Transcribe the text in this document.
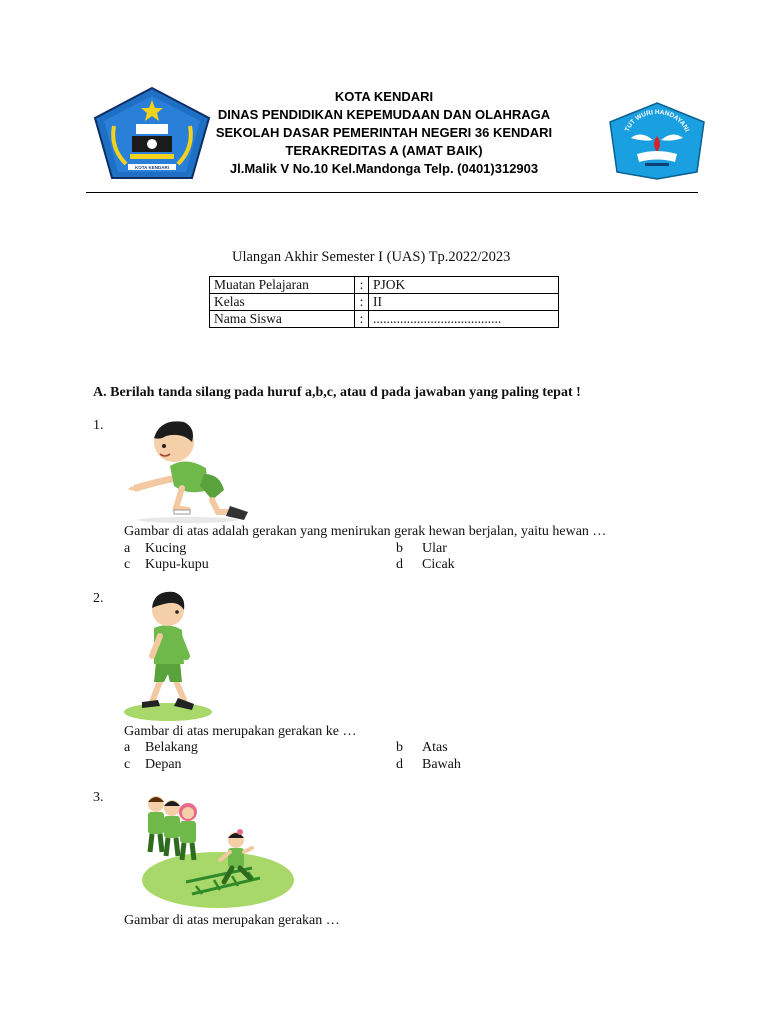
KOTA KENDARI
KOTA KENDARI
DINAS PENDIDIKAN KEPEMUDAAN DAN OLAHRAGA
SEKOLAH DASAR PEMERINTAH NEGERI 36 KENDARI
TERAKREDITAS A (AMAT BAIK)
Jl.Malik V No.10 Kel.Mandonga Telp. (0401)312903
TUT WURI HANDAYANI
Ulangan Akhir Semester I (UAS) Tp.2022/2023
Muatan Pelajaran	:	PJOK
Kelas	:	II
Nama Siswa	:	......................................
A. Berilah tanda silang pada huruf a,b,c, atau d pada jawaban yang paling tepat !
1.
Gambar di atas adalah gerakan yang menirukan gerak hewan berjalan, yaitu hewan …
a Kucing	b Ular
c Kupu-kupu	d Cicak
2.
Gambar di atas merupakan gerakan ke …
a Belakang	b Atas
c Depan	d Bawah
3.
Gambar di atas merupakan gerakan …
